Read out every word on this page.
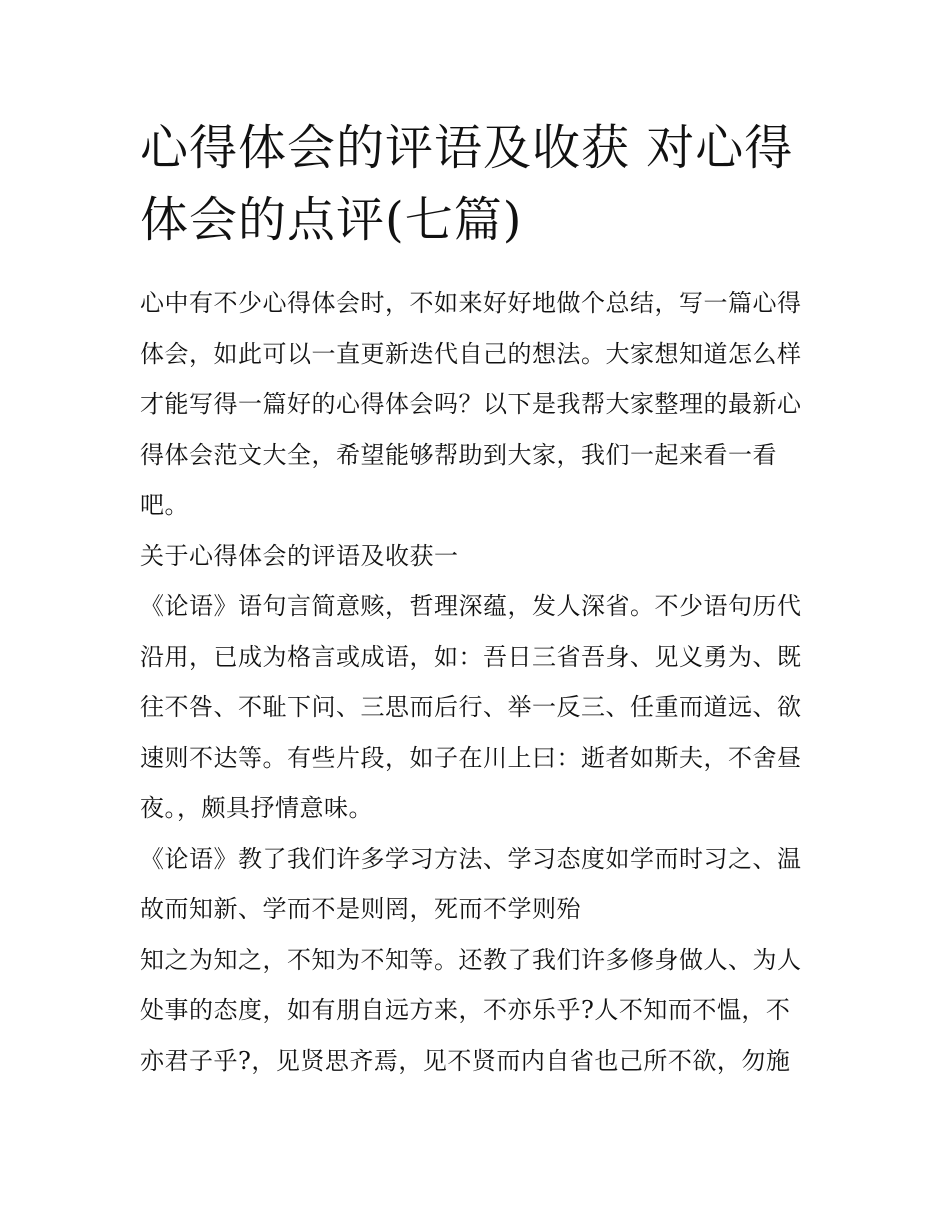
心得体会的评语及收获 对心得体会的点评(七篇)

心中有不少心得体会时，不如来好好地做个总结，写一篇心得体会，如此可以一直更新迭代自己的想法。大家想知道怎么样才能写得一篇好的心得体会吗？以下是我帮大家整理的最新心得体会范文大全，希望能够帮助到大家，我们一起来看一看吧。

关于心得体会的评语及收获一

《论语》语句言简意赅，哲理深蕴，发人深省。不少语句历代沿用，已成为格言或成语，如：吾日三省吾身、见义勇为、既往不咎、不耻下问、三思而后行、举一反三、任重而道远、欲速则不达等。有些片段，如子在川上曰：逝者如斯夫，不舍昼夜。，颇具抒情意味。

《论语》教了我们许多学习方法、学习态度如学而时习之、温故而知新、学而不是则罔，死而不学则殆

知之为知之，不知为不知等。还教了我们许多修身做人、为人处事的态度，如有朋自远方来，不亦乐乎?人不知而不愠，不亦君子乎?，见贤思齐焉，见不贤而内自省也己所不欲，勿施
